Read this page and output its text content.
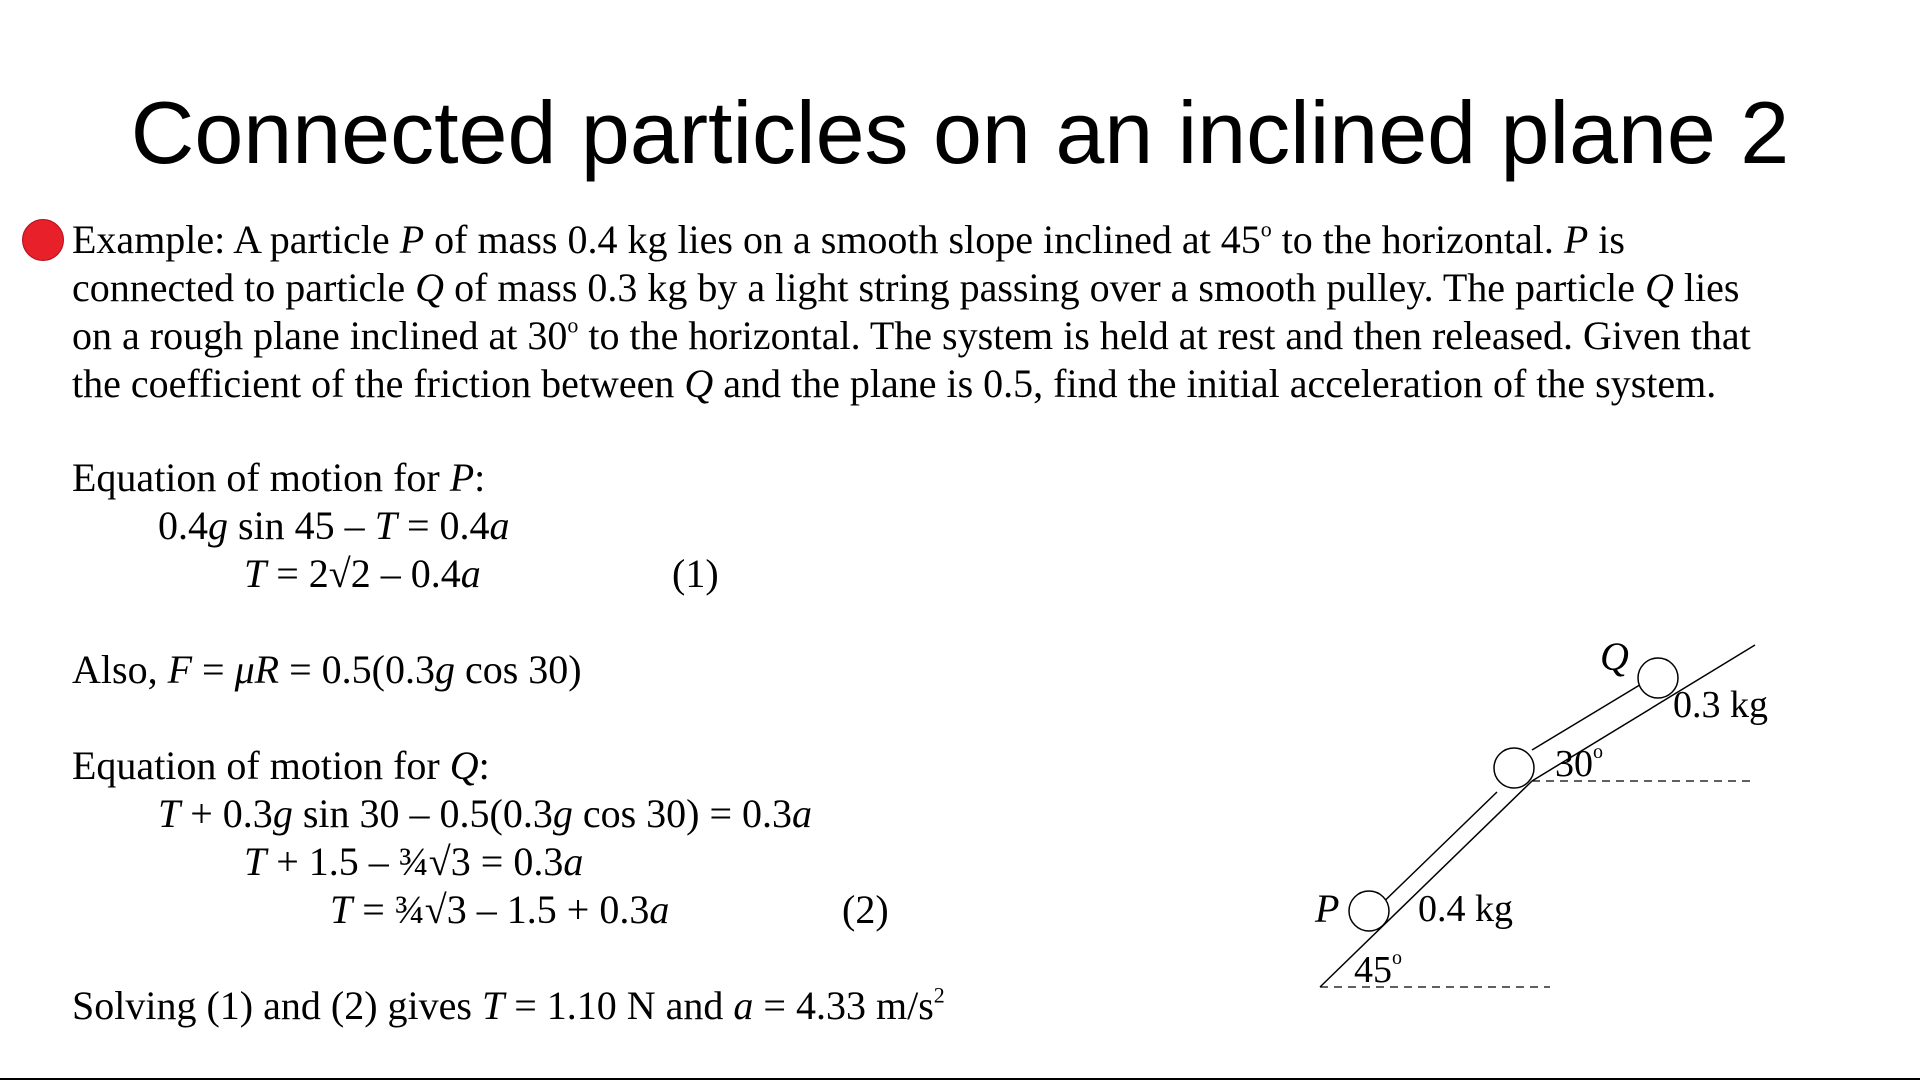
Connected particles on an inclined plane 2
Example: A particle P of mass 0.4 kg lies on a smooth slope inclined at 45$^o$ to the horizontal. P is
connected to particle Q of mass 0.3 kg by a light string passing over a smooth pulley. The particle Q lies
on a rough plane inclined at 30$^o$ to the horizontal. The system is held at rest and then released. Given that
the coefficient of the friction between Q and the plane is 0.5, find the initial acceleration of the system.
Equation of motion for P:
0.4g sin 45 – T = 0.4a
T = 2√2 – 0.4a
Also, F = μR = 0.5(0.3g cos 30)
Equation of motion for Q:
T + 0.3g sin 30 – 0.5(0.3g cos 30) = 0.3a
T + 1.5 – ¾√3 = 0.3a
T = ¾√3 – 1.5 + 0.3a
Solving (1) and (2) gives T = 1.10 N and a = 4.33 $m/s^2$
(1)
(2)	P
Q
0.4 kg
0.3 kg
30$^o$
45$^o$
